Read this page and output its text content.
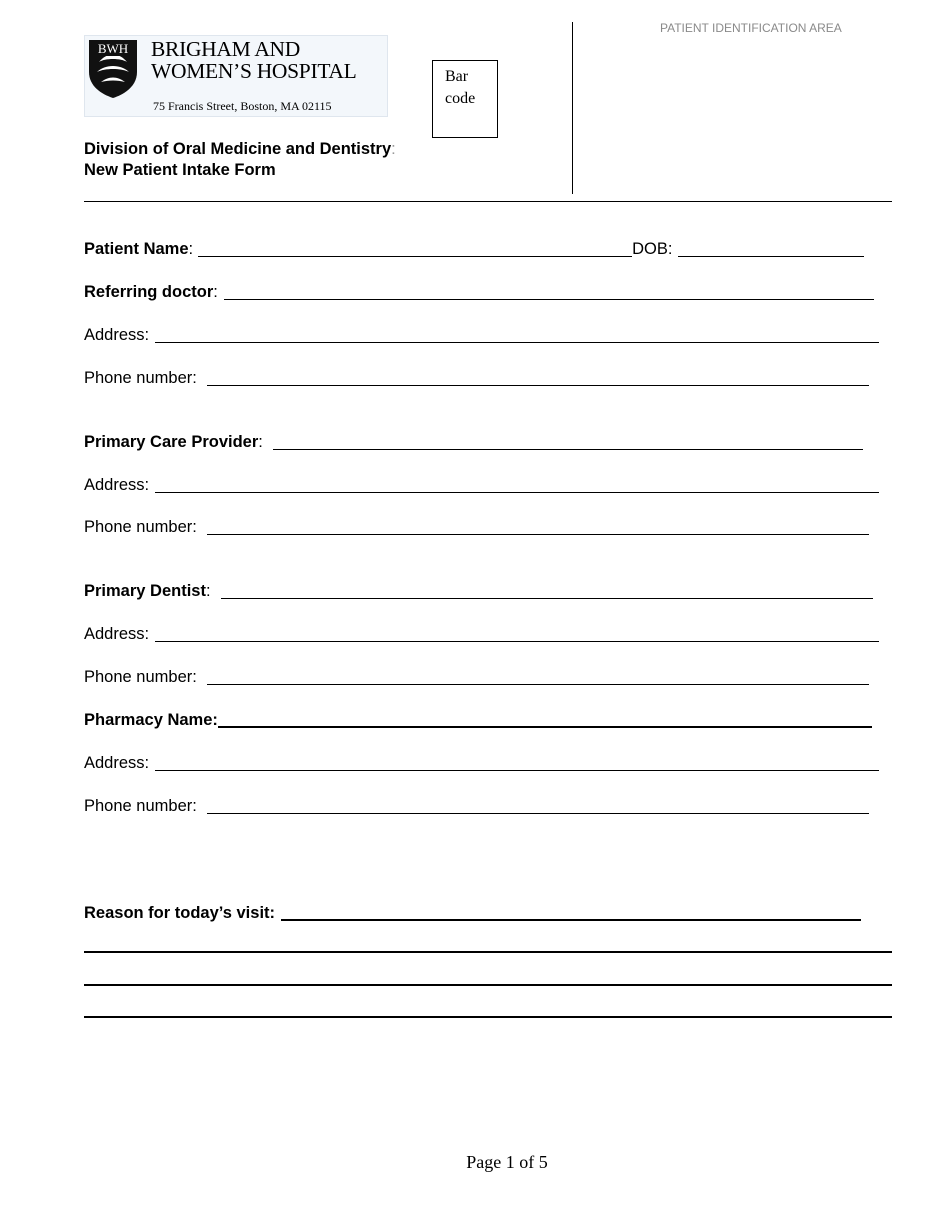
BWH BRIGHAM AND
WOMEN’S HOSPITAL
75 Francis Street, Boston, MA 02115
Bar
code
PATIENT IDENTIFICATION AREA
Division of Oral Medicine and Dentistry:
New Patient Intake Form
Patient Name :	DOB:
Referring doctor :
Address:
Phone number:
Primary Care Provider :
Address:
Phone number:
Primary Dentist :
Address:
Phone number:
Pharmacy Name:
Address:
Phone number:
Reason for today’s visit:
Page 1 of 5
